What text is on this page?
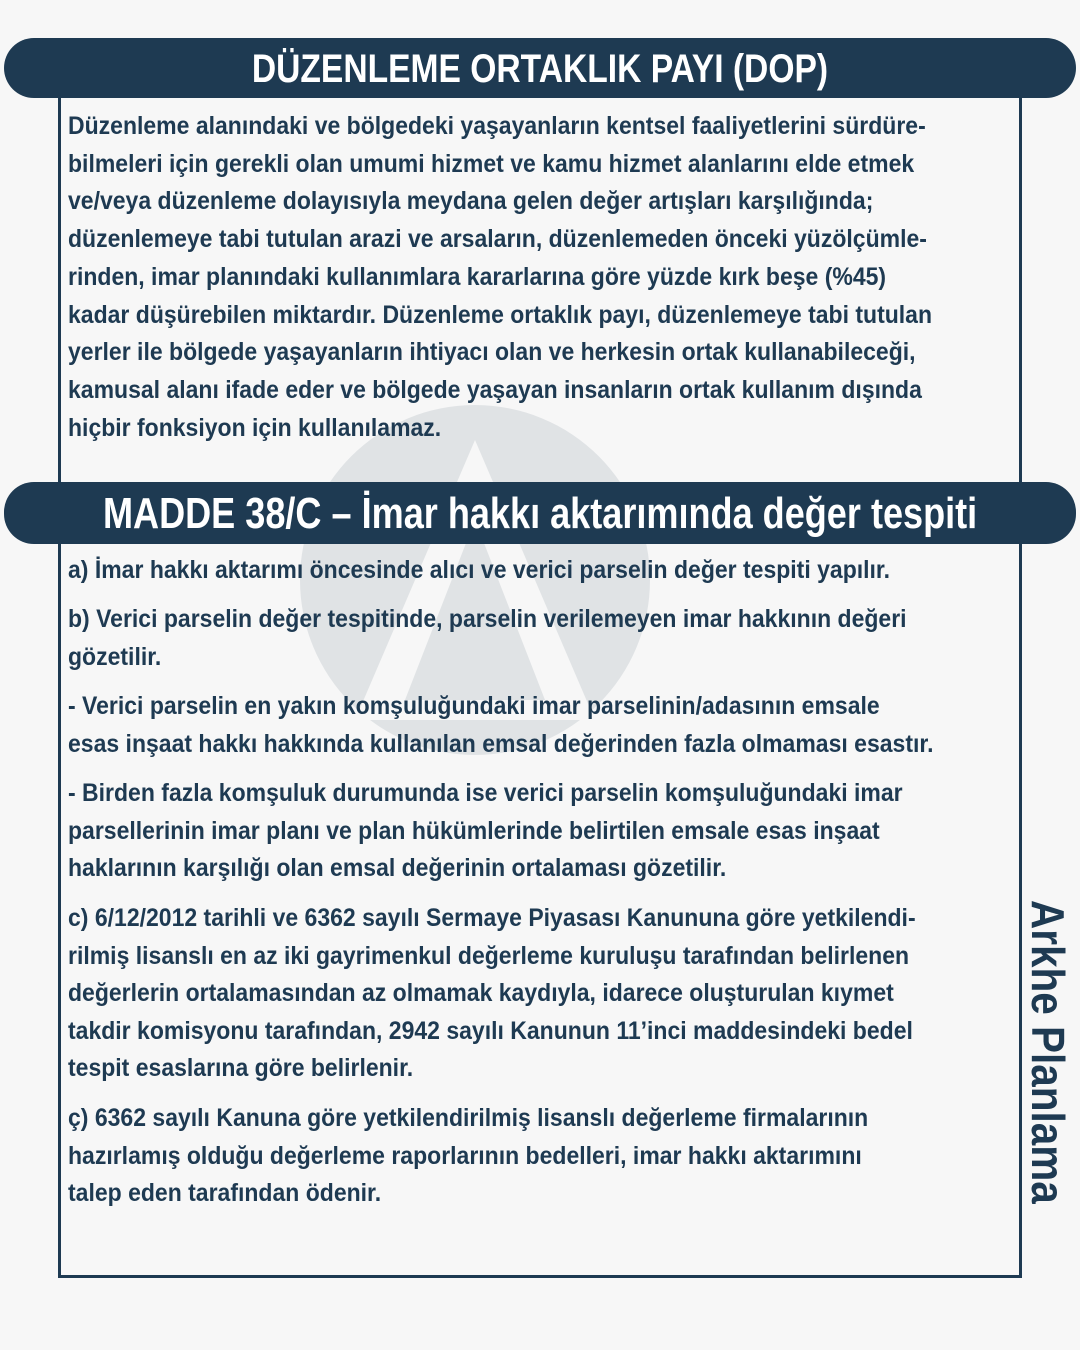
DÜZENLEME ORTAKLIK PAYI (DOP)
Düzenleme alanındaki ve bölgedeki yaşayanların kentsel faaliyetlerini sürdüre-
bilmeleri için gerekli olan umumi hizmet ve kamu hizmet alanlarını elde etmek
ve/veya düzenleme dolayısıyla meydana gelen değer artışları karşılığında;
düzenlemeye tabi tutulan arazi ve arsaların, düzenlemeden önceki yüzölçümle-
rinden, imar planındaki kullanımlara kararlarına göre yüzde kırk beşe (%45)
kadar düşürebilen miktardır. Düzenleme ortaklık payı, düzenlemeye tabi tutulan
yerler ile bölgede yaşayanların ihtiyacı olan ve herkesin ortak kullanabileceği,
kamusal alanı ifade eder ve bölgede yaşayan insanların ortak kullanım dışında
hiçbir fonksiyon için kullanılamaz.
MADDE 38/C – İmar hakkı aktarımında değer tespiti
a) İmar hakkı aktarımı öncesinde alıcı ve verici parselin değer tespiti yapılır.
b) Verici parselin değer tespitinde, parselin verilemeyen imar hakkının değeri
gözetilir.
- Verici parselin en yakın komşuluğundaki imar parselinin/adasının emsale
esas inşaat hakkı hakkında kullanılan emsal değerinden fazla olmaması esastır.
- Birden fazla komşuluk durumunda ise verici parselin komşuluğundaki imar
parsellerinin imar planı ve plan hükümlerinde belirtilen emsale esas inşaat
haklarının karşılığı olan emsal değerinin ortalaması gözetilir.
c) 6/12/2012 tarihli ve 6362 sayılı Sermaye Piyasası Kanununa göre yetkilendi-
rilmiş lisanslı en az iki gayrimenkul değerleme kuruluşu tarafından belirlenen
değerlerin ortalamasından az olmamak kaydıyla, idarece oluşturulan kıymet
takdir komisyonu tarafından, 2942 sayılı Kanunun 11’inci maddesindeki bedel
tespit esaslarına göre belirlenir.
ç) 6362 sayılı Kanuna göre yetkilendirilmiş lisanslı değerleme firmalarının
hazırlamış olduğu değerleme raporlarının bedelleri, imar hakkı aktarımını
talep eden tarafından ödenir.	Arkhe Planlama
